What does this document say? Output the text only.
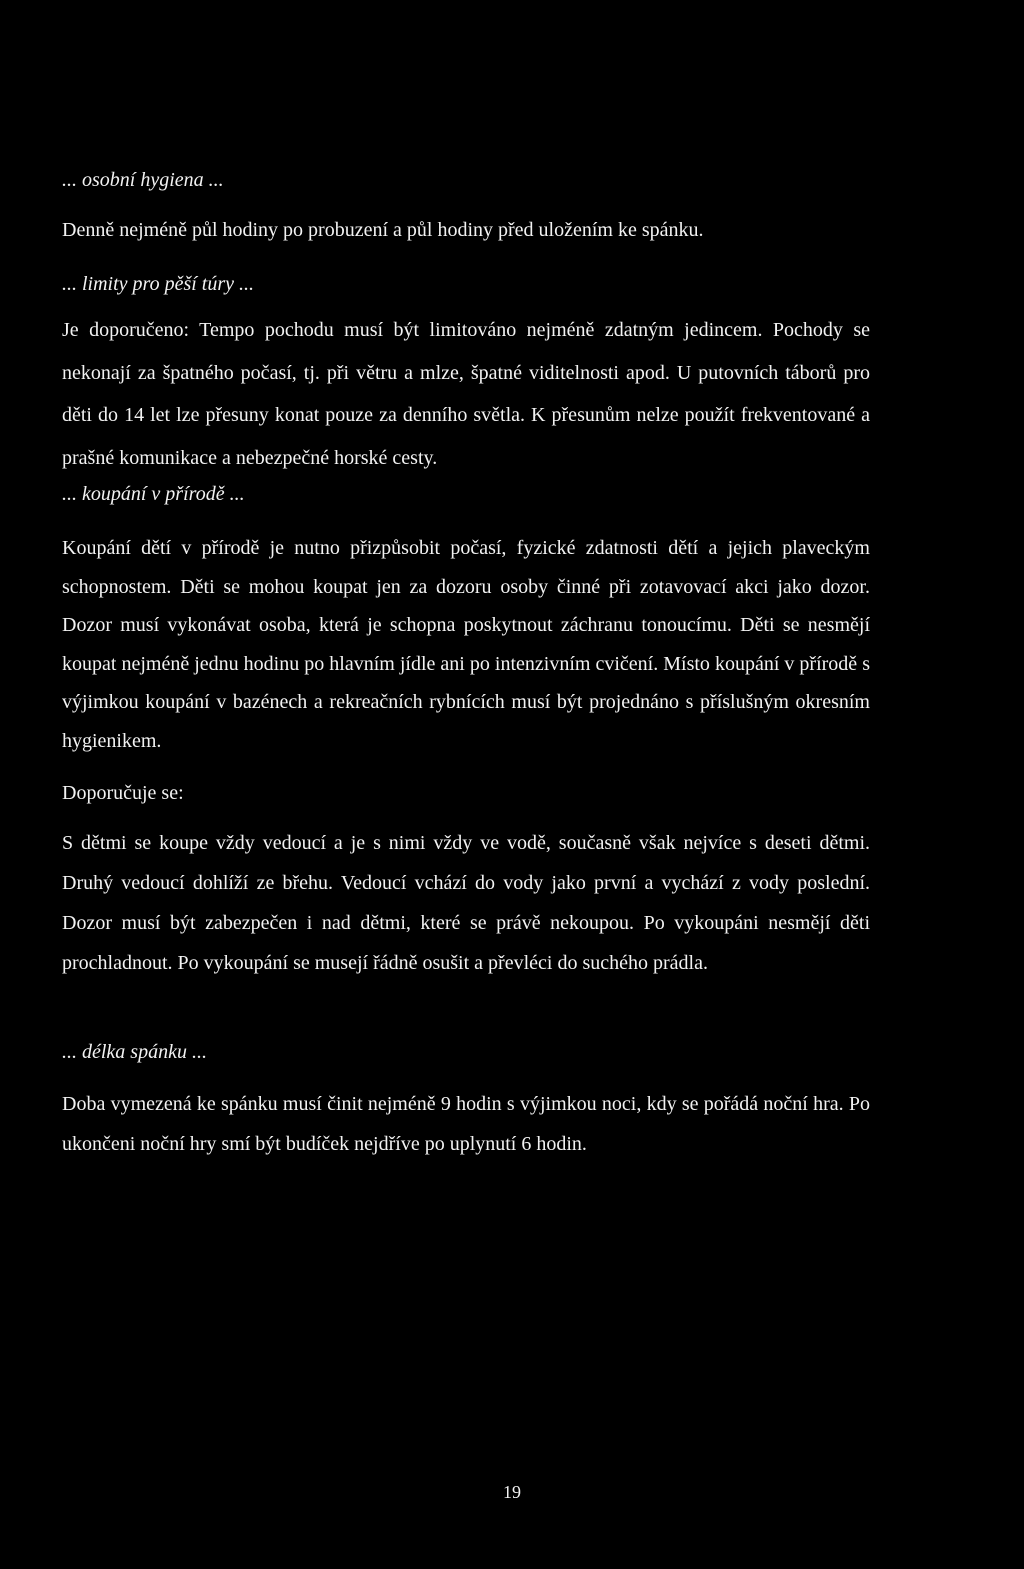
... osobní hygiena ...
Denně nejméně půl hodiny po probuzení a půl hodiny před uložením ke spánku.
... limity pro pěší túry ...
Je doporučeno: Tempo pochodu musí být limitováno nejméně zdatným jedincem. Pochody se nekonají za špatného počasí, tj. při větru a mlze, špatné viditelnosti apod. U putovních táborů pro děti do 14 let lze přesuny konat pouze za denního světla. K přesunům nelze použít frekventované a prašné komunikace a nebezpečné horské cesty.
... koupání v přírodě ...
Koupání dětí v přírodě je nutno přizpůsobit počasí, fyzické zdatnosti dětí a jejich plaveckým schopnostem. Děti se mohou koupat jen za dozoru osoby činné při zotavovací akci jako dozor. Dozor musí vykonávat osoba, která je schopna poskytnout záchranu tonoucímu. Děti se nesmějí koupat nejméně jednu hodinu po hlavním jídle ani po intenzivním cvičení. Místo koupání v přírodě s výjimkou koupání v bazénech a rekreačních rybnících musí být projednáno s příslušným okresním hygienikem.
Doporučuje se:
S dětmi se koupe vždy vedoucí a je s nimi vždy ve vodě, současně však nejvíce s deseti dětmi. Druhý vedoucí dohlíží ze břehu. Vedoucí vchází do vody jako první a vychází z vody poslední. Dozor musí být zabezpečen i nad dětmi, které se právě nekoupou. Po vykoupáni nesmějí děti prochladnout. Po vykoupání se musejí řádně osušit a převléci do suchého prádla.
... délka spánku ...
Doba vymezená ke spánku musí činit nejméně 9 hodin s výjimkou noci, kdy se pořádá noční hra. Po ukončeni noční hry smí být budíček nejdříve po uplynutí 6 hodin.
19
